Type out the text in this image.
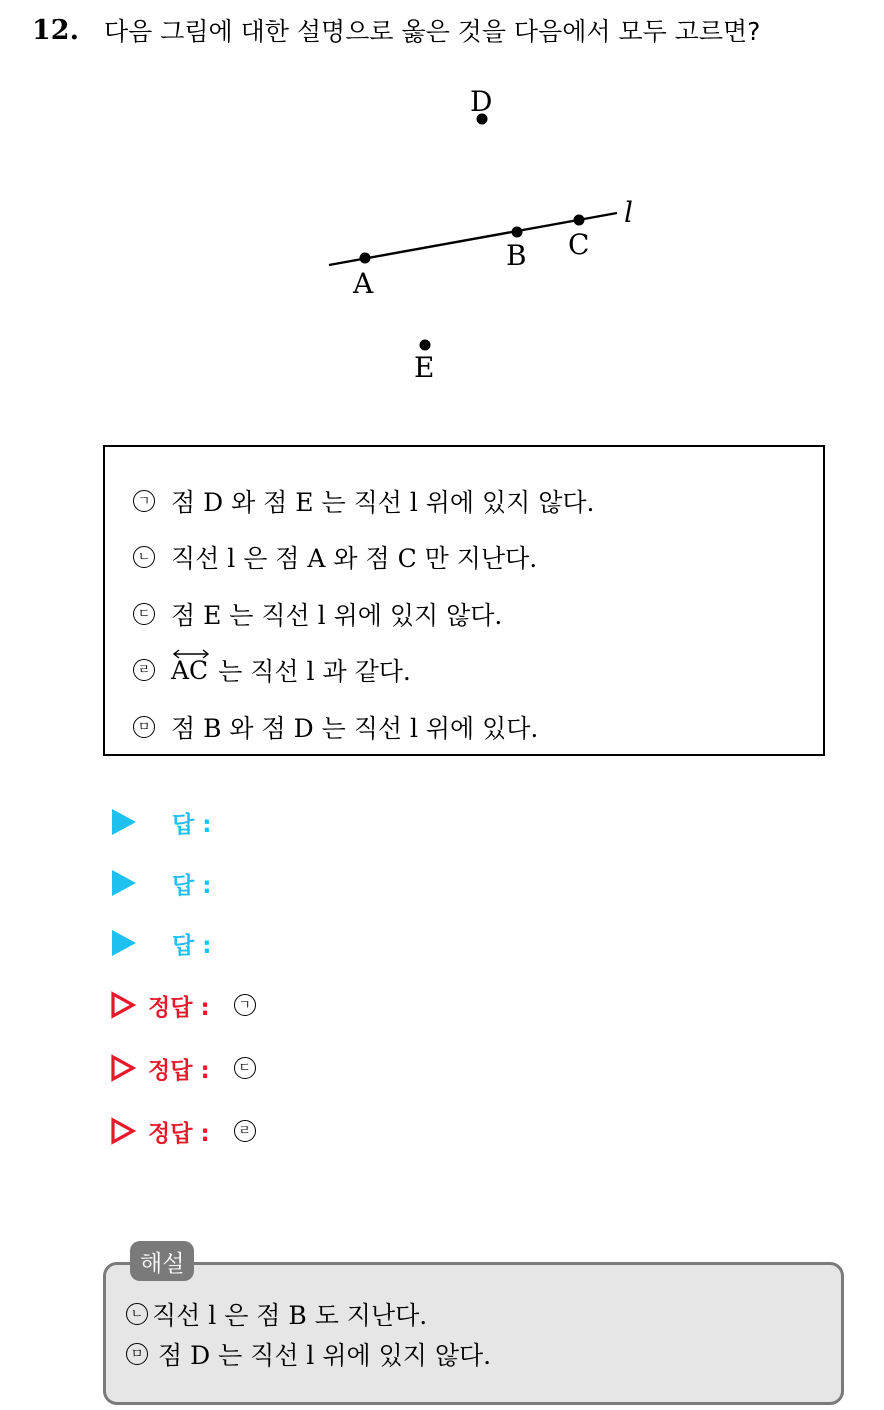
12.	다음 그림에 대한 설명으로 옳은 것을 다음에서 모두 고르면?
A
B C
D
E
l
ㄱ 점 D 와 점 E 는 직선 l 위에 있지 않다.
ㄴ 직선 l 은 점 A 와 점 C 만 지난다.
ㄷ 점 E 는 직선 l 위에 있지 않다.
ㄹ AC 는 직선 l 과 같다.
ㅁ 점 B 와 점 D 는 직선 l 위에 있다.
답 :
답 :
답 :
정답 :	ㄱ
정답 :	ㄷ
정답 :	ㄹ
해설
ㄴ 직선 l 은 점 B 도 지난다.
ㅁ 점 D 는 직선 l 위에 있지 않다.
